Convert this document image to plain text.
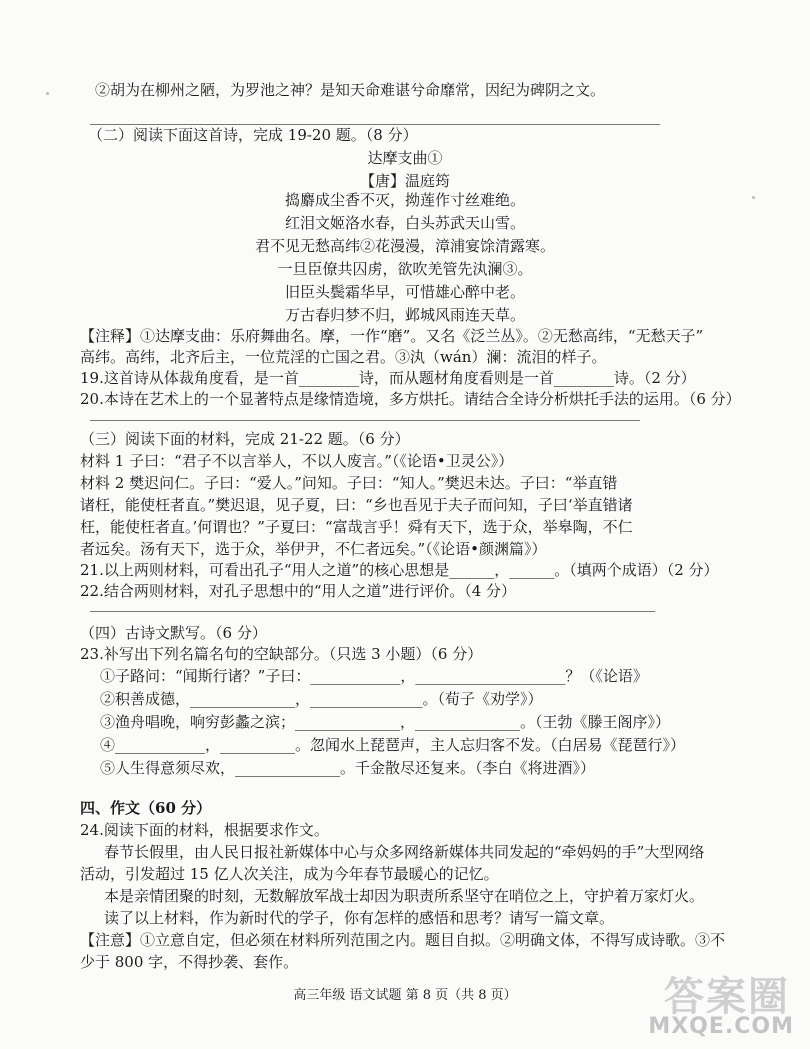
②胡为在柳州之陋，为罗池之神？是知天命难谌兮命靡常，因纪为碑阴之文。
（二）阅读下面这首诗，完成 19-20 题。（8 分）
达摩支曲①
【唐】温庭筠
捣麝成尘香不灭，拗莲作寸丝难绝。
红泪文姬洛水春，白头苏武天山雪。
君不见无愁高纬②花漫漫，漳浦宴馀清露寒。
一旦臣僚共囚虏，欲吹羌管先汍澜③。
旧臣头鬓霜华早，可惜雄心醉中老。
万古春归梦不归，邺城风雨连天草。
【注释】①达摩支曲：乐府舞曲名。摩，一作“磨”。又名《泛兰丛》。②无愁高纬，“无愁天子”
高纬。高纬，北齐后主，一位荒淫的亡国之君。③汍（wán）澜：流泪的样子。
19.这首诗从体裁角度看，是一首________诗，而从题材角度看则是一首________诗。（2 分）
20.本诗在艺术上的一个显著特点是缘情造境，多方烘托。请结合全诗分析烘托手法的运用。（6 分）
（三）阅读下面的材料，完成 21-22 题。（6 分）
材料 1 子曰：“君子不以言举人，不以人废言。”（《论语•卫灵公》）
材料 2 樊迟问仁。子曰：“爱人。”问知。子曰：“知人。”樊迟未达。子曰：“举直错
诸枉，能使枉者直。”樊迟退，见子夏，曰：“乡也吾见于夫子而问知，子曰‘举直错诸
枉，能使枉者直。’何谓也？”子夏曰：“富哉言乎！舜有天下，选于众，举皋陶，不仁
者远矣。汤有天下，选于众，举伊尹，不仁者远矣。”（《论语•颜渊篇》）
21.以上两则材料，可看出孔子“用人之道”的核心思想是______，______。（填两个成语）（2 分）
22.结合两则材料，对孔子思想中的“用人之道”进行评价。（4 分）
（四）古诗文默写。（6 分）
23.补写出下列名篇名句的空缺部分。（只选 3 小题）（6 分）
①子路问：“闻斯行诸？”子曰：____________，____________________？（《论语》
②积善成德，______________，_______________。（荀子《劝学》）
③渔舟唱晚，响穷彭蠡之滨；______________，______________。（王勃《滕王阁序》）
④____________，__________。忽闻水上琵琶声，主人忘归客不发。（白居易《琵琶行》）
⑤人生得意须尽欢，______________。千金散尽还复来。（李白《将进酒》）
四、作文（60 分）
24.阅读下面的材料，根据要求作文。
春节长假里，由人民日报社新媒体中心与众多网络新媒体共同发起的“牵妈妈的手”大型网络
活动，引发超过 15 亿人次关注，成为今年春节最暖心的记忆。
本是亲情团聚的时刻，无数解放军战士却因为职责所系坚守在哨位之上，守护着万家灯火。
读了以上材料，作为新时代的学子，你有怎样的感悟和思考？请写一篇文章。
【注意】①立意自定，但必须在材料所列范围之内。题目自拟。②明确文体，不得写成诗歌。③不
少于 800 字，不得抄袭、套作。
高三年级 语文试题 第 8 页（共 8 页）	答案圈
MXQE.COM
